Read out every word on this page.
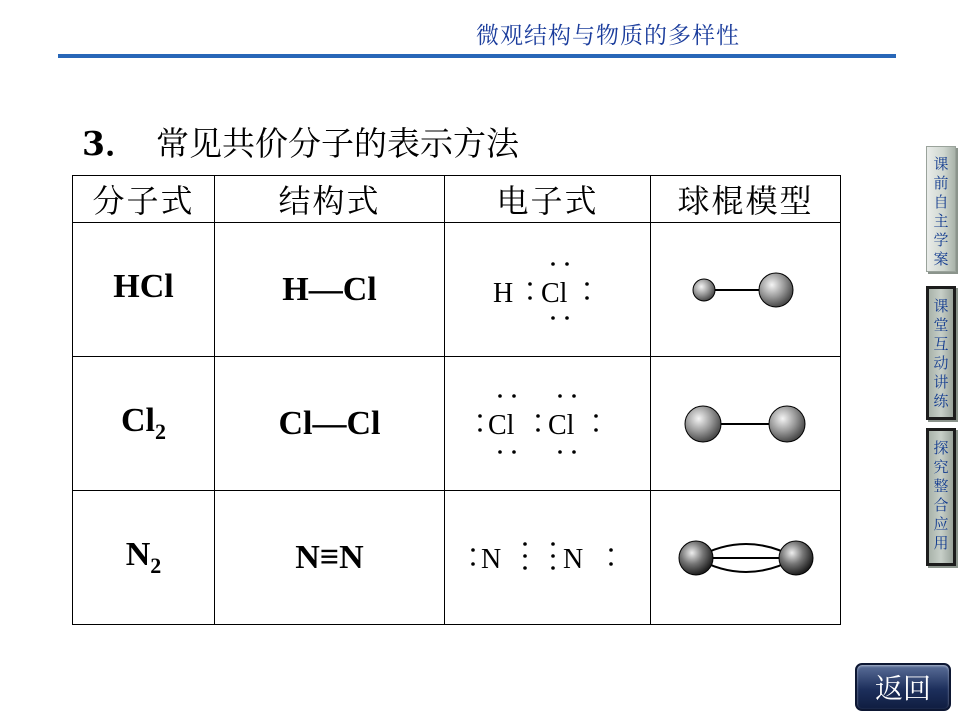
微观结构与物质的多样性
3． 常见共价分子的表示方法
分子式	结构式	电子式	球棍模型
HCl	H—Cl	H Cl

$Cl_2$	Cl—Cl	Cl Cl

$N_2$	N≡N	N N

课
前
自
主
学
案
课
堂
互
动
讲
练
探
究
整
合
应
用
返回
